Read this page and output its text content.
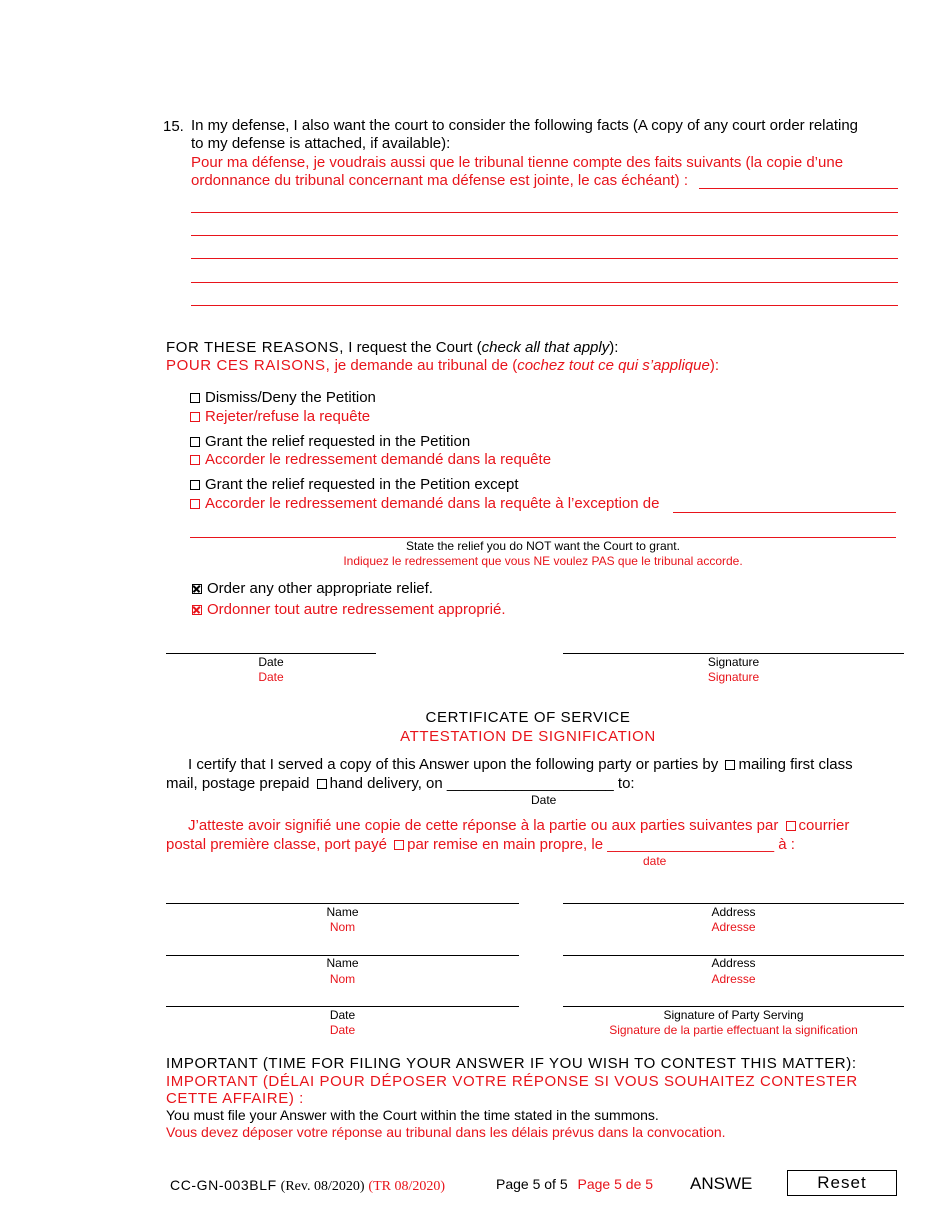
15. In my defense, I also want the court to consider the following facts (A copy of any court order relating
to my defense is attached, if available):
Pour ma défense, je voudrais aussi que le tribunal tienne compte des faits suivants (la copie d’une
ordonnance du tribunal concernant ma défense est jointe, le cas échéant) :
FOR THESE REASONS, I request the Court (check all that apply):
POUR CES RAISONS, je demande au tribunal de (cochez tout ce qui s’applique):
Dismiss/Deny the Petition
Rejeter/refuse la requête
Grant the relief requested in the Petition
Accorder le redressement demandé dans la requête
Grant the relief requested in the Petition except
Accorder le redressement demandé dans la requête à l’exception de
State the relief you do NOT want the Court to grant.
Indiquez le redressement que vous NE voulez PAS que le tribunal accorde.
Order any other appropriate relief.
Ordonner tout autre redressement approprié.
Date
Date
Signature
Signature
CERTIFICATE OF SERVICE
ATTESTATION DE SIGNIFICATION
I certify that I served a copy of this Answer upon the following party or parties by mailing first class
mail, postage prepaid hand delivery, on ____________________ to:
Date
J’atteste avoir signifié une copie de cette réponse à la partie ou aux parties suivantes par courrier
postal première classe, port payé par remise en main propre, le ____________________ à :
date
Name
Nom
Address
Adresse
Name
Nom
Address
Adresse
Date
Date
Signature of Party Serving
Signature de la partie effectuant la signification
IMPORTANT (TIME FOR FILING YOUR ANSWER IF YOU WISH TO CONTEST THIS MATTER):
IMPORTANT (DÉLAI POUR DÉPOSER VOTRE RÉPONSE SI VOUS SOUHAITEZ CONTESTER
CETTE AFFAIRE) :
You must file your Answer with the Court within the time stated in the summons.
Vous devez déposer votre réponse au tribunal dans les délais prévus dans la convocation.
CC-GN-003BLF (Rev. 08/2020) (TR 08/2020)	Page 5 of 5 Page 5 de 5 ANSWE	Reset
